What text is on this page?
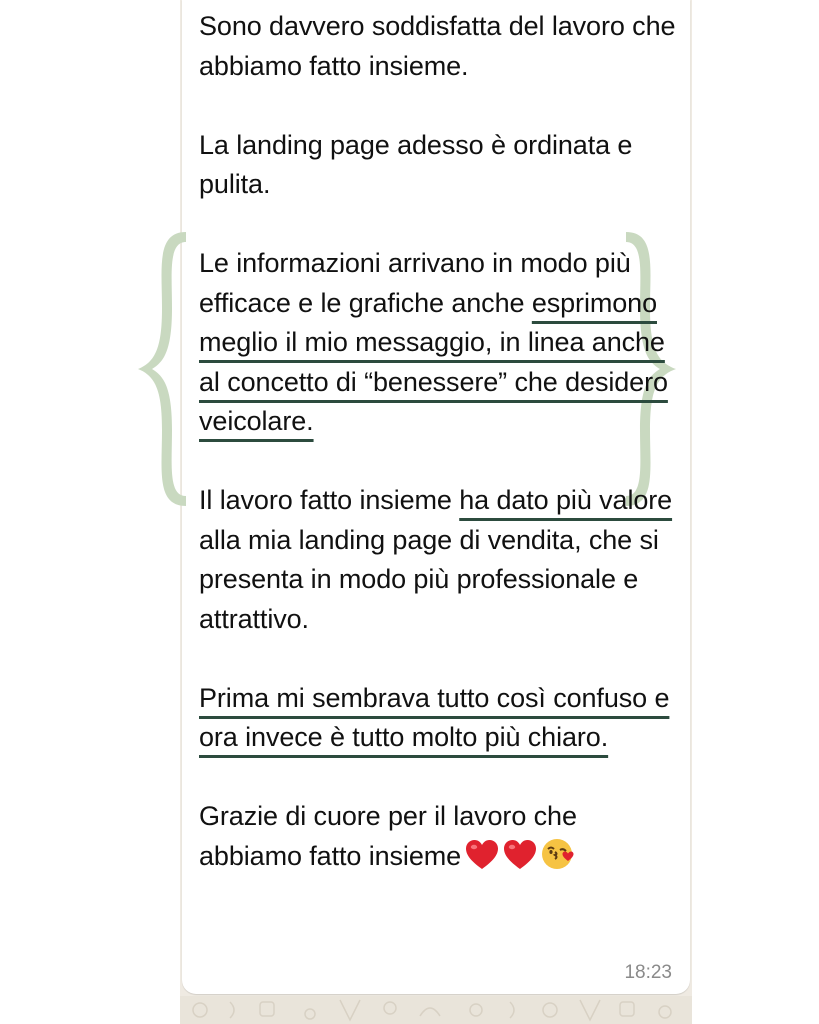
Sono davvero soddisfatta del lavoro che abbiamo fatto insieme.

La landing page adesso è ordinata e pulita.

Le informazioni arrivano in modo più efficace e le grafiche anche esprimono meglio il mio messaggio, in linea anche al concetto di “benessere” che desidero veicolare.

Il lavoro fatto insieme ha dato più valore alla mia landing page di vendita, che si presenta in modo più professionale e attrattivo.

Prima mi sembrava tutto così confuso e ora invece è tutto molto più chiaro.

Grazie di cuore per il lavoro che abbiamo fatto insieme

18:23
